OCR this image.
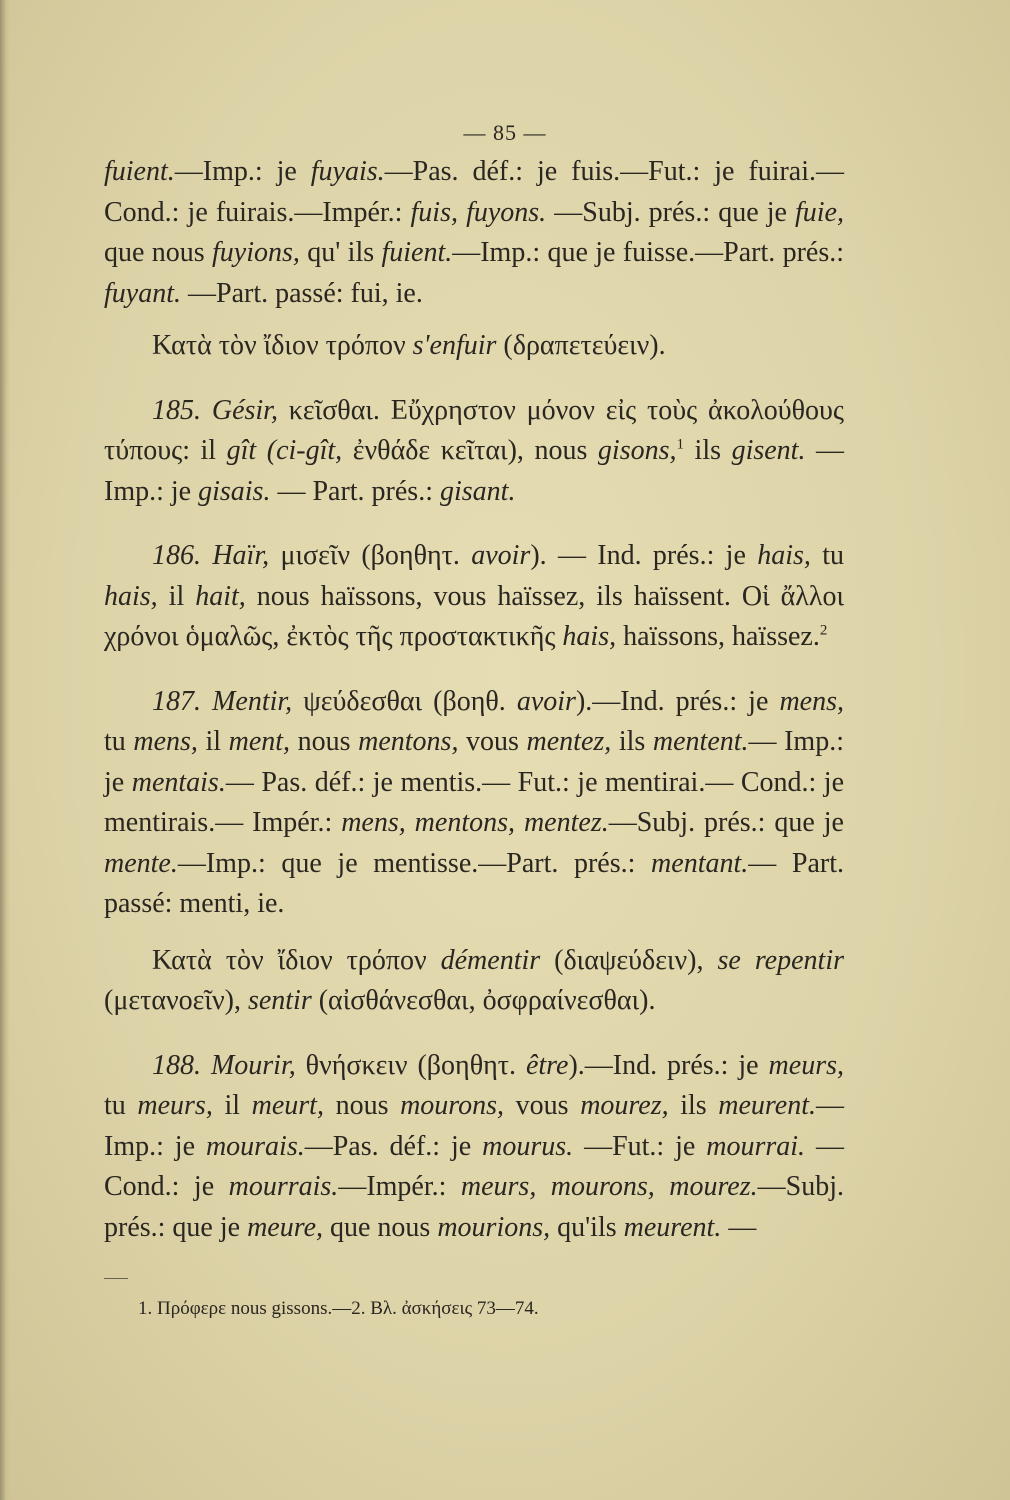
— 85 —

fuient.—Imp.: je fuyais.—Pas. déf.: je fuis.—Fut.: je fuirai.— Cond.: je fuirais.—Impér.: fuis, fuyons. —Subj. prés.: que je fuie, que nous fuyions, qu' ils fuient.—Imp.: que je fuisse.—Part. prés.: fuyant. —Part. passé: fui, ie.

Κατὰ τὸν ἴδιον τρόπον s'enfuir (δραπετεύειν).

185. Gésir, κεῖσθαι. Εὔχρηστον μόνον εἰς τοὺς ἀκολούθους τύπους: il gît (ci-gît, ἐνθάδε κεῖται), nous gisons,$^1$ ils gisent. — Imp.: je gisais. — Part. prés.: gisant.

186. Haïr, μισεῖν (βοηθητ. avoir). — Ind. prés.: je hais, tu hais, il hait, nous haïssons, vous haïssez, ils haïssent. Οἱ ἄλλοι χρόνοι ὁμαλῶς, ἐκτὸς τῆς προστακτικῆς hais, haïssons, haïssez.$^2$

187. Mentir, ψεύδεσθαι (βοηθ. avoir).—Ind. prés.: je mens, tu mens, il ment, nous mentons, vous mentez, ils mentent.— Imp.: je mentais.— Pas. déf.: je mentis.— Fut.: je mentirai.— Cond.: je mentirais.— Impér.: mens, mentons, mentez.—Subj. prés.: que je mente.—Imp.: que je mentisse.—Part. prés.: mentant.— Part. passé: menti, ie.

Κατὰ τὸν ἴδιον τρόπον démentir (διαψεύδειν), se repentir (μετανοεῖν), sentir (αἰσθάνεσθαι, ὀσφραίνεσθαι).

188. Mourir, θνήσκειν (βοηθητ. être).—Ind. prés.: je meurs, tu meurs, il meurt, nous mourons, vous mourez, ils meurent.— Imp.: je mourais.—Pas. déf.: je mourus. —Fut.: je mourrai. —Cond.: je mourrais.—Impér.: meurs, mourons, mourez.—Subj. prés.: que je meure, que nous mourions, qu'ils meurent. —

1. Πρόφερε nous gissons.—2. Βλ. ἀσκήσεις 73—74.
